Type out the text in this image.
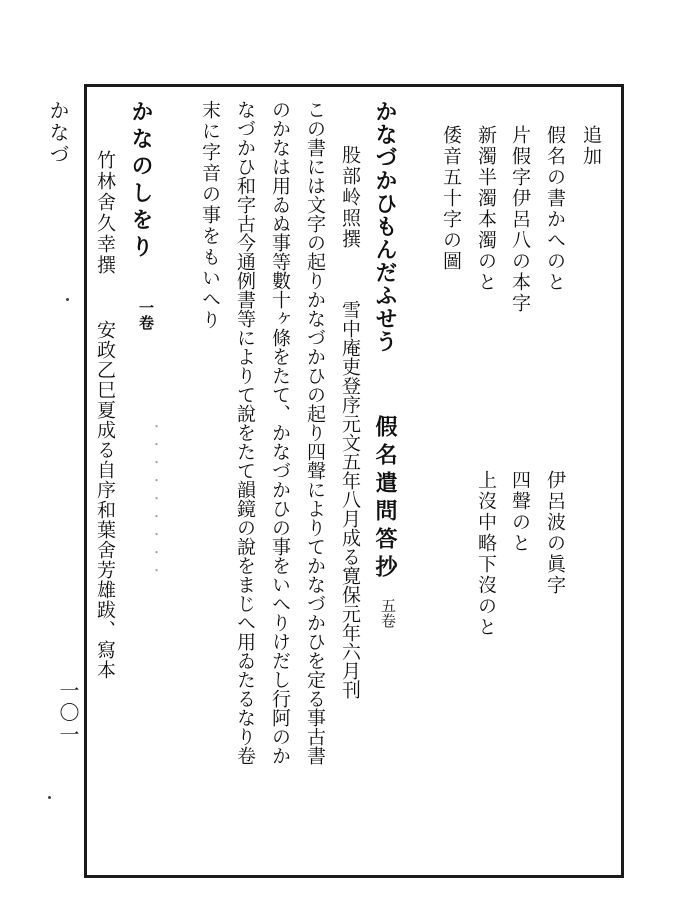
かなづ	追加
假名の書かへのと
片假字伊呂八の本字
新濁半濁本濁のと
倭音五十字の圖
伊呂波の眞字
四聲のと
上沒中略下沒のと
かなづかひもんだふせう
假名遣問答抄
五卷
股部岭照撰
雪中庵吏登序元文五年八月成る寛保元年六月刊
この書には文字の起りかなづかひの起り四聲によりてかなづかひを定る事古書
のかなは用ゐぬ事等數十ヶ條をたて、かなづかひの事をいへりけだし行阿のか
なづかひ和字古今通例書等によりて說をたて韻鏡の說をまじへ用ゐたるなり卷
末に字音の事をもいへり
かなのしをり
一卷
竹林舍久幸撰
安政乙巳夏成る自序和葉舍芳雄跋、寫本	・・・・・・・・・
一〇一
